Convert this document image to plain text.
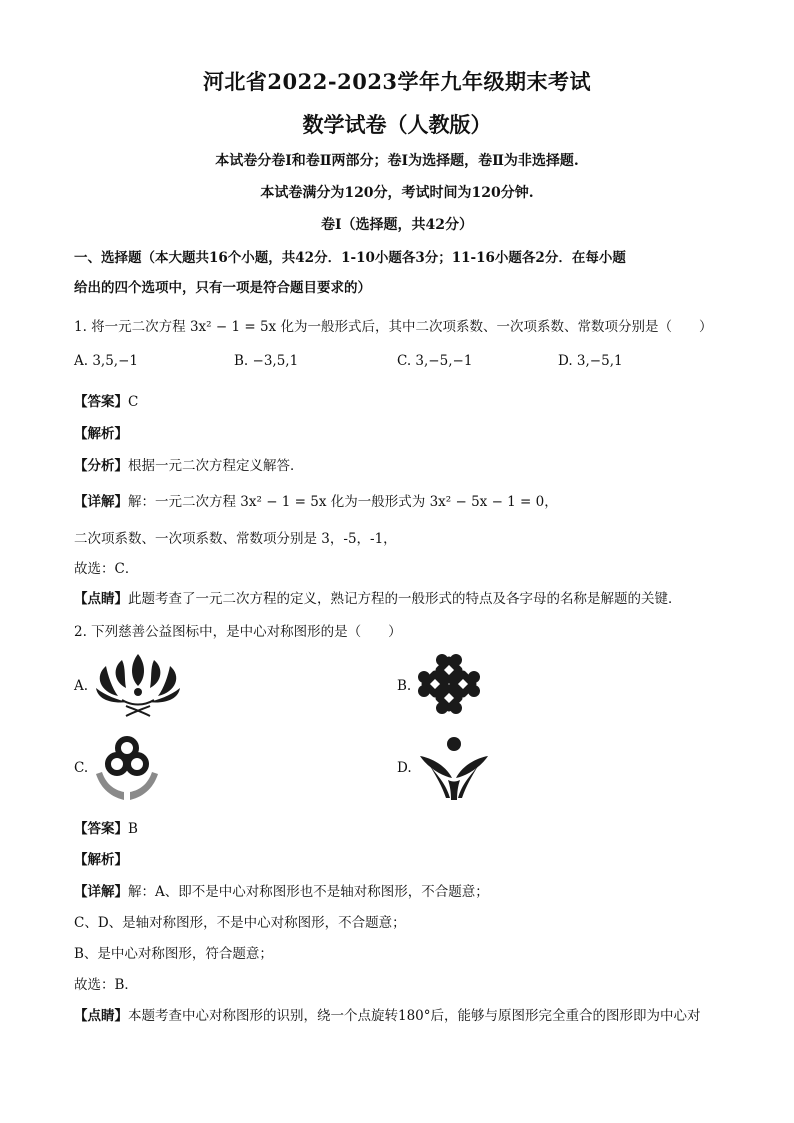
河北省2022-2023学年九年级期末考试
数学试卷（人教版）
本试卷分卷Ⅰ和卷Ⅱ两部分；卷Ⅰ为选择题，卷Ⅱ为非选择题.
本试卷满分为120分，考试时间为120分钟.
卷Ⅰ（选择题，共42分）
一、选择题（本大题共16个小题，共42分．1-10小题各3分；11-16小题各2分．在每小题
给出的四个选项中，只有一项是符合题目要求的）
1. 将一元二次方程 3x² − 1 = 5x 化为一般形式后，其中二次项系数、一次项系数、常数项分别是（　　）
A. 3,5,−1	B. −3,5,1	C. 3,−5,−1	D. 3,−5,1
【答案】C
【解析】
【分析】根据一元二次方程定义解答．
【详解】解：一元二次方程 3x² − 1 = 5x 化为一般形式为 3x² − 5x − 1 = 0，
二次项系数、一次项系数、常数项分别是 3，-5，-1，
故选：C．
【点睛】此题考查了一元二次方程的定义，熟记方程的一般形式的特点及各字母的名称是解题的关键．
2. 下列慈善公益图标中，是中心对称图形的是（　　）
A.	B.
C.	D.
【答案】B
【解析】
【详解】解：A、即不是中心对称图形也不是轴对称图形，不合题意；
C、D、是轴对称图形，不是中心对称图形，不合题意；
B、是中心对称图形，符合题意；
故选：B．
【点睛】本题考查中心对称图形的识别，绕一个点旋转180°后，能够与原图形完全重合的图形即为中心对
